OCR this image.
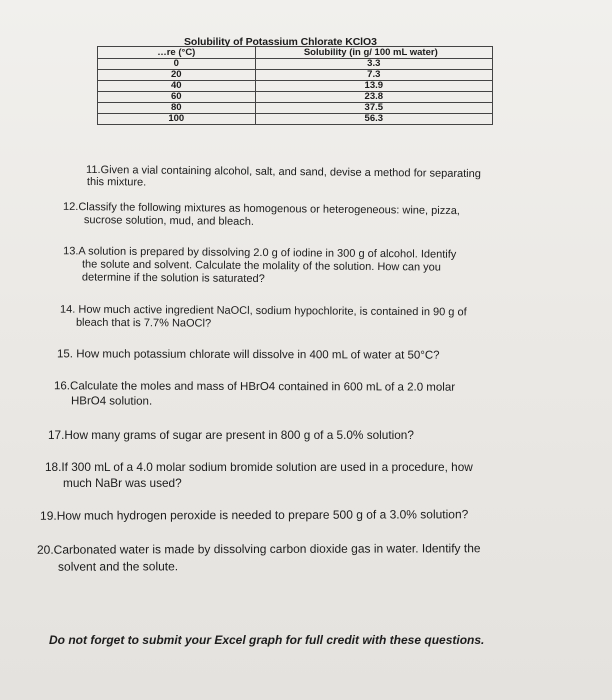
Solubility of Potassium Chlorate KClO3
…re (°C)	Solubility (in g/ 100 mL water)
0	3.3
20	7.3
40	13.9
60	23.8
80	37.5
100	56.3
11.Given a vial containing alcohol, salt, and sand, devise a method for separating
this mixture.
12.Classify the following mixtures as homogenous or heterogeneous: wine, pizza,
sucrose solution, mud, and bleach.
13.A solution is prepared by dissolving 2.0 g of iodine in 300 g of alcohol. Identify
the solute and solvent. Calculate the molality of the solution. How can you
determine if the solution is saturated?
14. How much active ingredient NaOCl, sodium hypochlorite, is contained in 90 g of
bleach that is 7.7% NaOCl?
15. How much potassium chlorate will dissolve in 400 mL of water at 50°C?
16.Calculate the moles and mass of HBrO4 contained in 600 mL of a 2.0 molar
HBrO4 solution.
17.How many grams of sugar are present in 800 g of a 5.0% solution?
18.If 300 mL of a 4.0 molar sodium bromide solution are used in a procedure, how
much NaBr was used?
19.How much hydrogen peroxide is needed to prepare 500 g of a 3.0% solution?
20.Carbonated water is made by dissolving carbon dioxide gas in water. Identify the
solvent and the solute.
Do not forget to submit your Excel graph for full credit with these questions.
